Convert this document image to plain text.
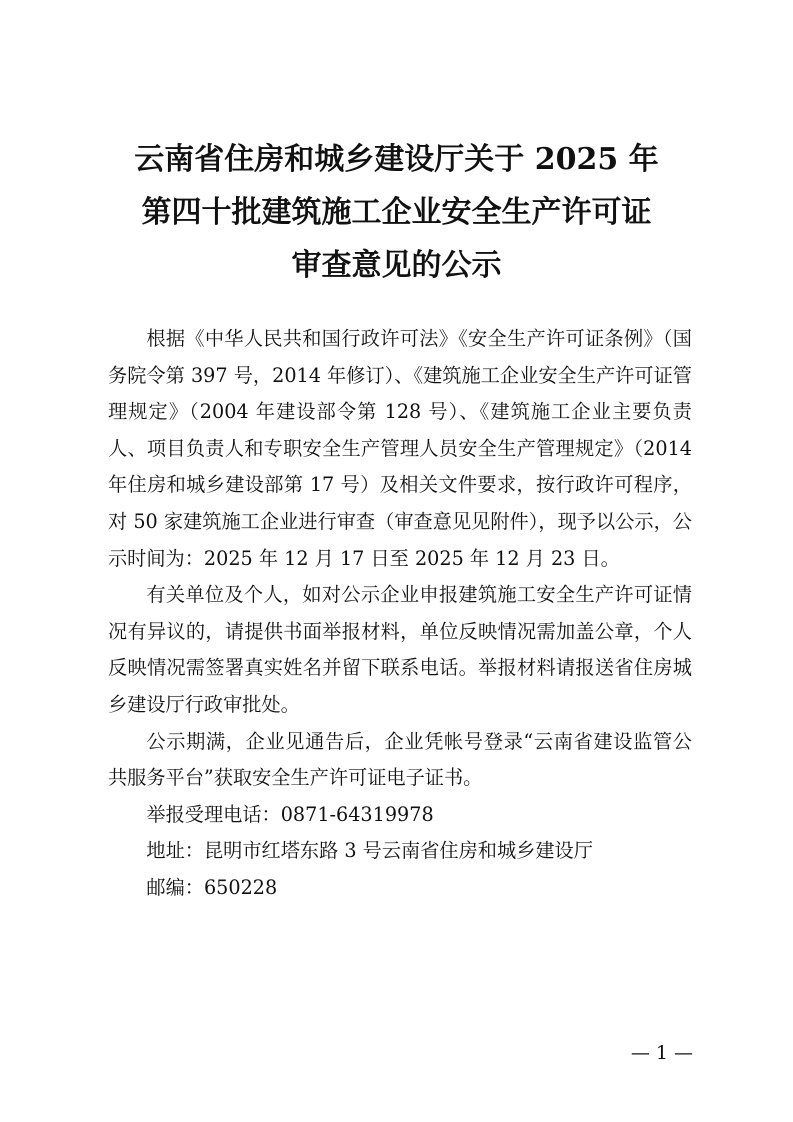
云南省住房和城乡建设厅关于 2025 年
第四十批建筑施工企业安全生产许可证
审查意见的公示

根据《中华人民共和国行政许可法》《安全生产许可证条例》（国务院令第 397 号，2014 年修订）、《建筑施工企业安全生产许可证管理规定》（2004 年建设部令第 128 号）、《建筑施工企业主要负责人、项目负责人和专职安全生产管理人员安全生产管理规定》（2014 年住房和城乡建设部第 17 号）及相关文件要求，按行政许可程序，对 50 家建筑施工企业进行审查（审查意见见附件），现予以公示，公示时间为：2025 年 12 月 17 日至 2025 年 12 月 23 日。

有关单位及个人，如对公示企业申报建筑施工安全生产许可证情况有异议的，请提供书面举报材料，单位反映情况需加盖公章，个人反映情况需签署真实姓名并留下联系电话。举报材料请报送省住房城乡建设厅行政审批处。

公示期满，企业见通告后，企业凭帐号登录“云南省建设监管公共服务平台”获取安全生产许可证电子证书。

举报受理电话：0871-64319978

地址：昆明市红塔东路 3 号云南省住房和城乡建设厅

邮编：650228

— 1 —
